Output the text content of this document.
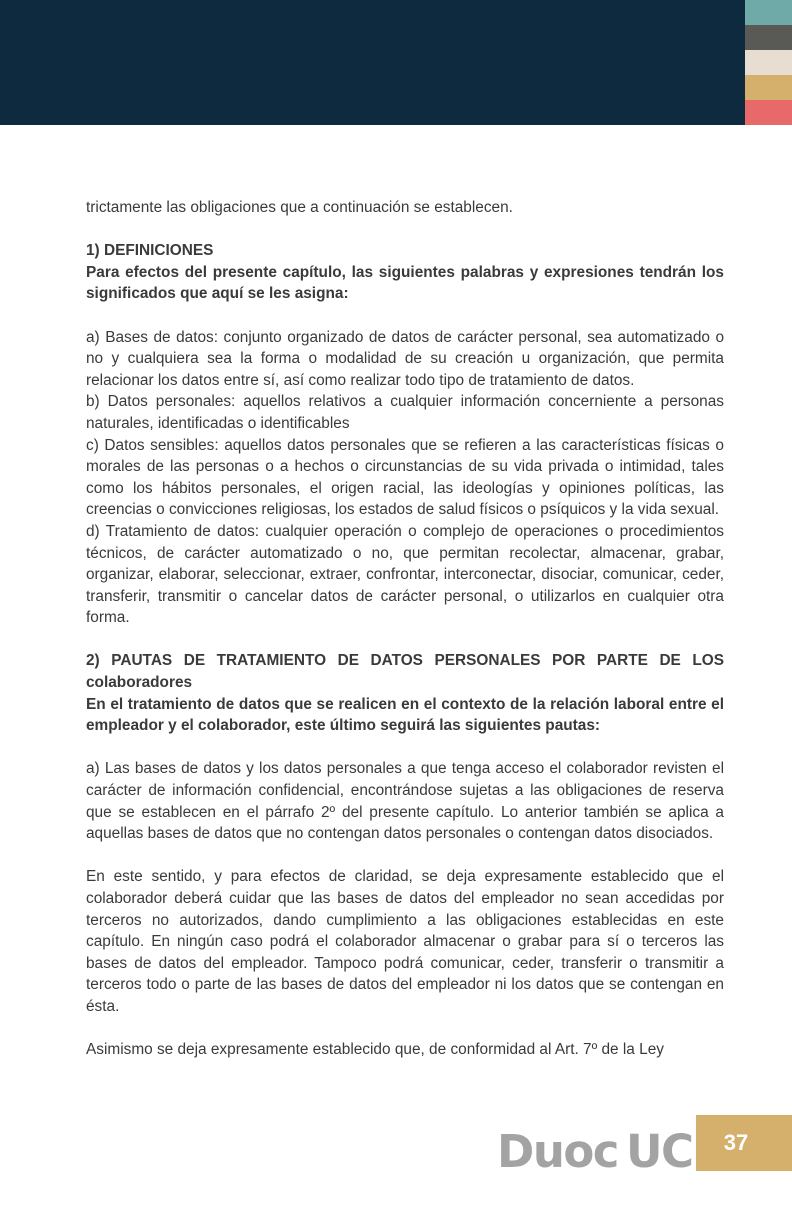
trictamente las obligaciones que a continuación se establecen.

1) DEFINICIONES

Para efectos del presente capítulo, las siguientes palabras y expresiones tendrán los significados que aquí se les asigna:

a) Bases de datos: conjunto organizado de datos de carácter personal, sea automatizado o no y cualquiera sea la forma o modalidad de su creación u organización, que permita relacionar los datos entre sí, así como realizar todo tipo de tratamiento de datos.

b) Datos personales: aquellos relativos a cualquier información concerniente a personas naturales, identificadas o identificables

c) Datos sensibles: aquellos datos personales que se refieren a las características físicas o morales de las personas o a hechos o circunstancias de su vida privada o intimidad, tales como los hábitos personales, el origen racial, las ideologías y opiniones políticas, las creencias o convicciones religiosas, los estados de salud físicos o psíquicos y la vida sexual.

d) Tratamiento de datos: cualquier operación o complejo de operaciones o procedimientos técnicos, de carácter automatizado o no, que permitan recolectar, almacenar, grabar, organizar, elaborar, seleccionar, extraer, confrontar, interconectar, disociar, comunicar, ceder, transferir, transmitir o cancelar datos de carácter personal, o utilizarlos en cualquier otra forma.

2) PAUTAS DE TRATAMIENTO DE DATOS PERSONALES POR PARTE DE LOS colaboradores

En el tratamiento de datos que se realicen en el contexto de la relación laboral entre el empleador y el colaborador, este último seguirá las siguientes pautas:

a) Las bases de datos y los datos personales a que tenga acceso el colaborador revisten el carácter de información confidencial, encontrándose sujetas a las obligaciones de reserva que se establecen en el párrafo 2º del presente capítulo. Lo anterior también se aplica a aquellas bases de datos que no contengan datos personales o contengan datos disociados.

En este sentido, y para efectos de claridad, se deja expresamente establecido que el colaborador deberá cuidar que las bases de datos del empleador no sean accedidas por terceros no autorizados, dando cumplimiento a las obligaciones establecidas en este capítulo. En ningún caso podrá el colaborador almacenar o grabar para sí o terceros las bases de datos del empleador. Tampoco podrá comunicar, ceder, transferir o transmitir a terceros todo o parte de las bases de datos del empleador ni los datos que se contengan en ésta.

Asimismo se deja expresamente establecido que, de conformidad al Art. 7º de la Ley

Duoc UC	37
